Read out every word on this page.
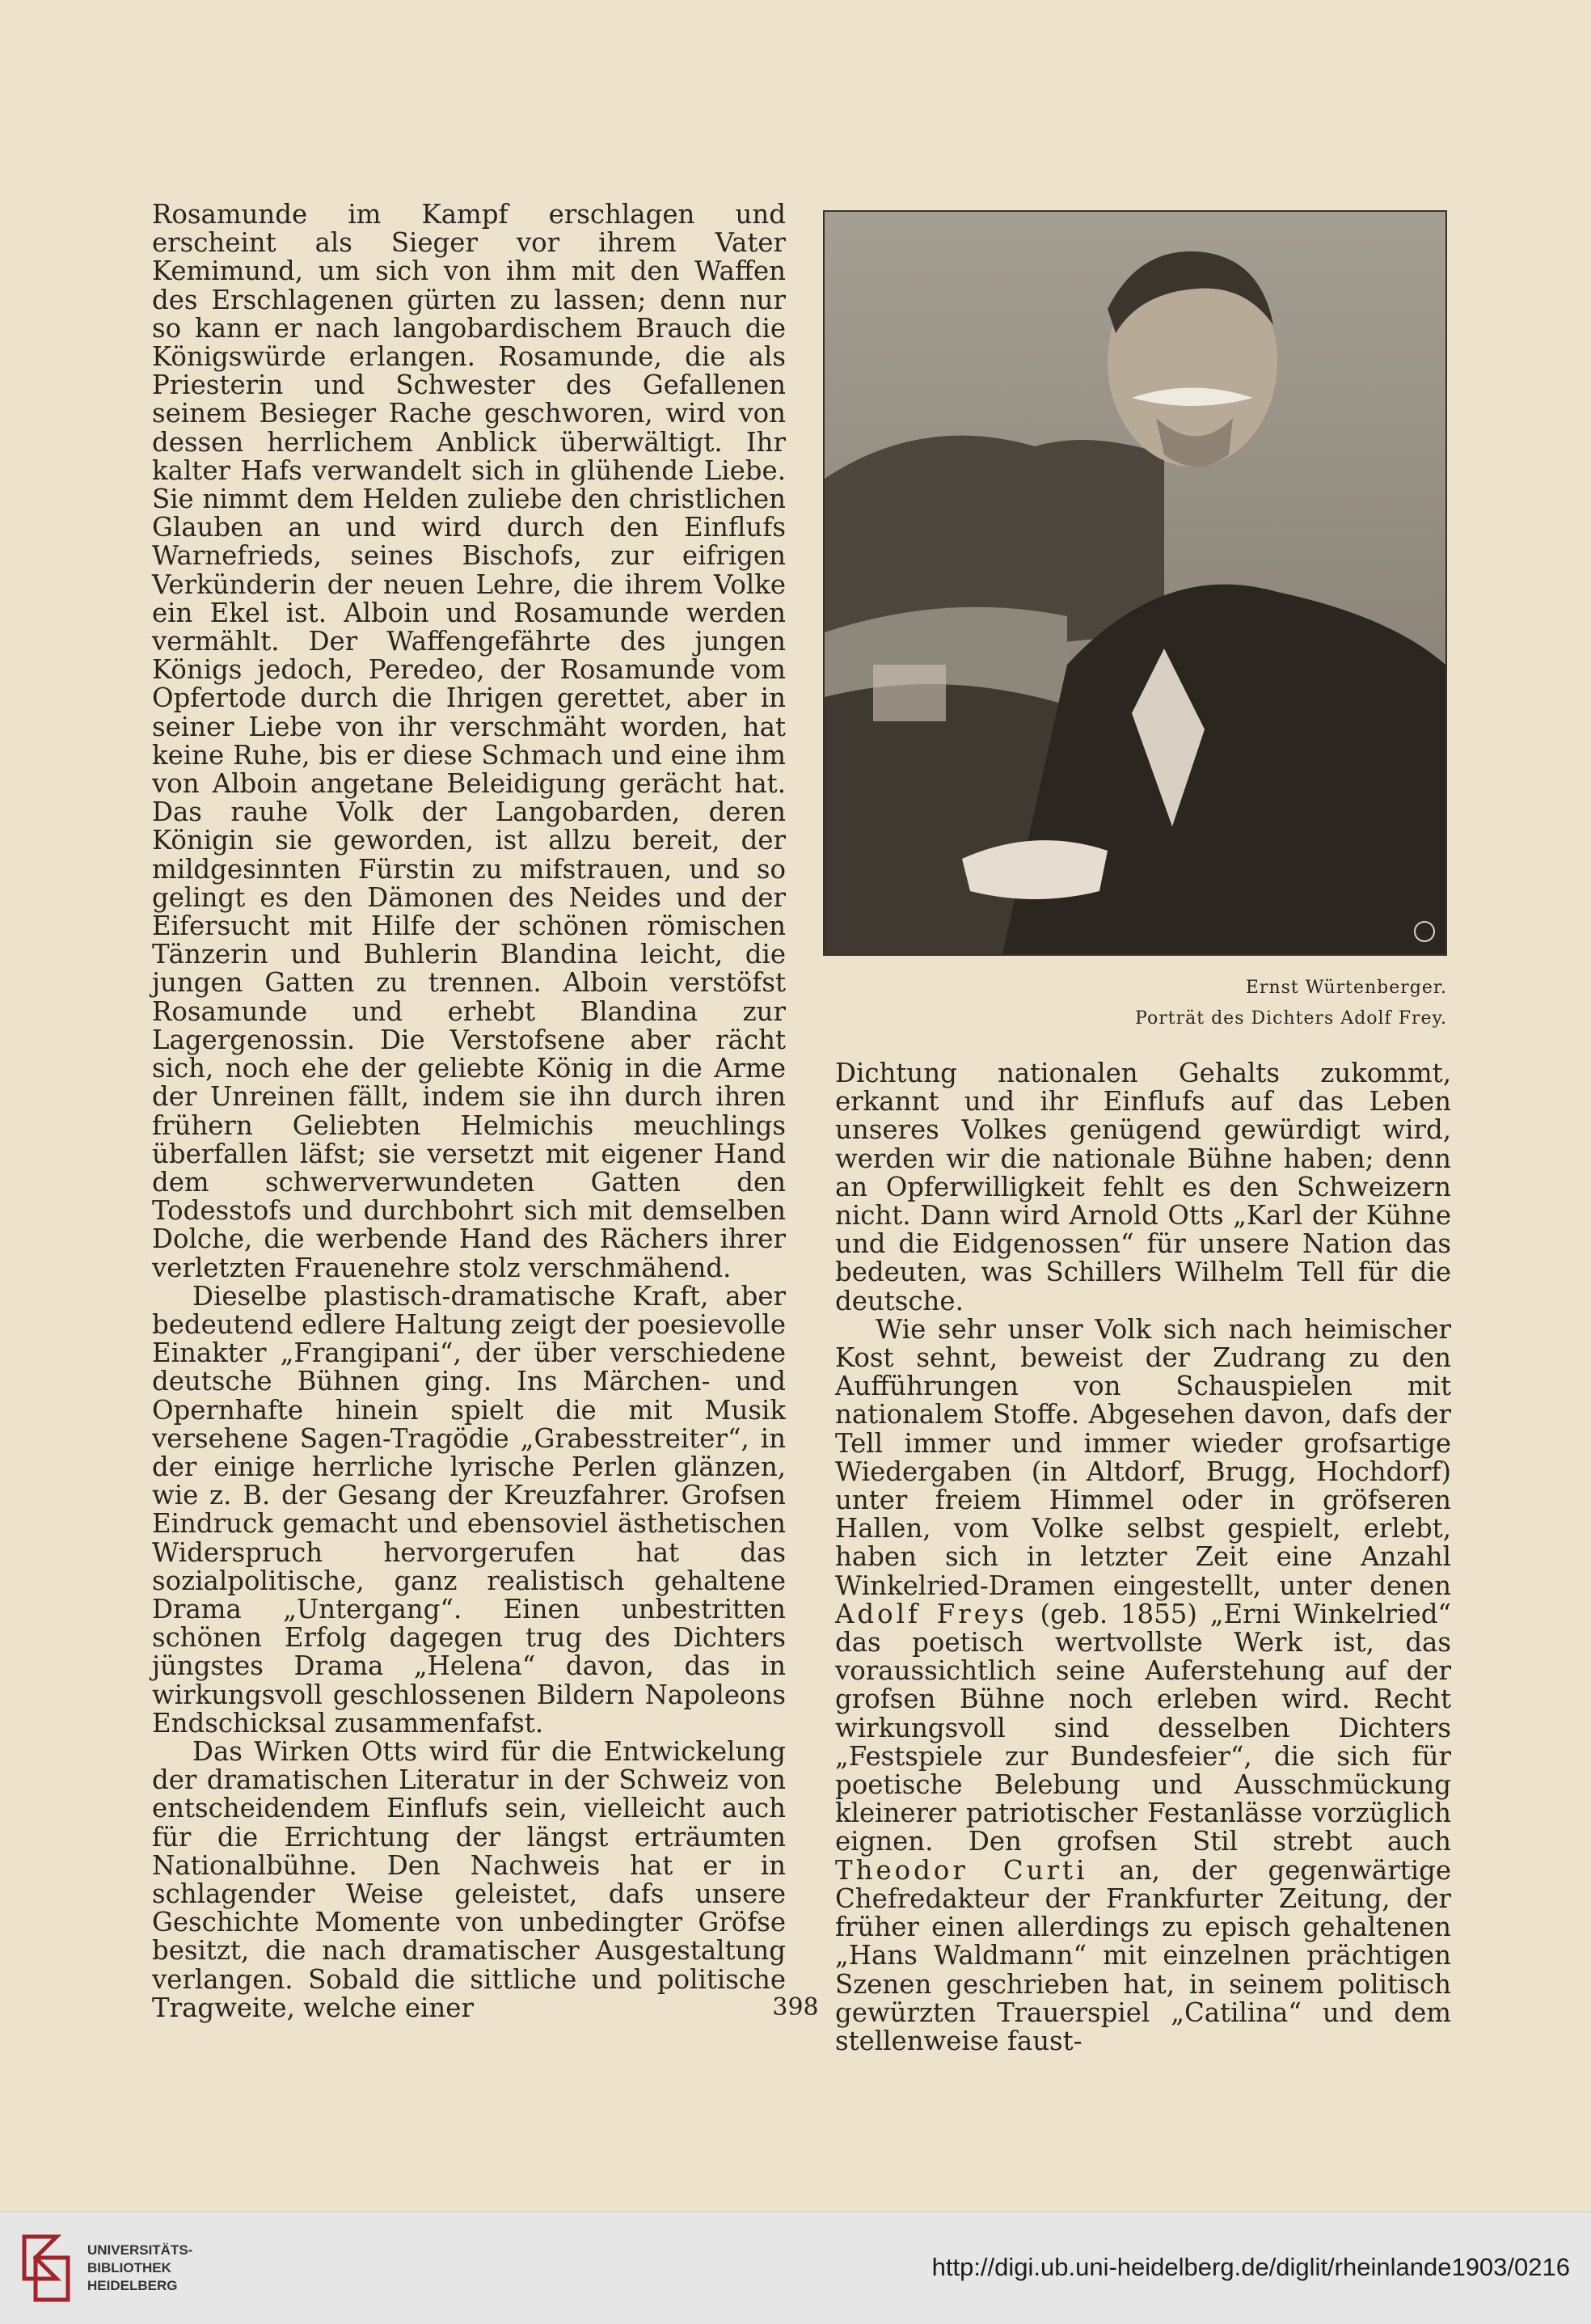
Rosamunde im Kampf erschlagen und erscheint als Sieger vor ihrem Vater Kemimund, um sich von ihm mit den Waffen des Erschlagenen gürten zu lassen; denn nur so kann er nach langobardischem Brauch die Königswürde erlangen. Rosamunde, die als Priesterin und Schwester des Gefallenen seinem Besieger Rache geschworen, wird von dessen herrlichem Anblick überwältigt. Ihr kalter Hafs verwandelt sich in glühende Liebe. Sie nimmt dem Helden zuliebe den christlichen Glauben an und wird durch den Einflufs Warnefrieds, seines Bischofs, zur eifrigen Verkünderin der neuen Lehre, die ihrem Volke ein Ekel ist. Alboin und Rosamunde werden vermählt. Der Waffengefährte des jungen Königs jedoch, Peredeo, der Rosamunde vom Opfertode durch die Ihrigen gerettet, aber in seiner Liebe von ihr verschmäht worden, hat keine Ruhe, bis er diese Schmach und eine ihm von Alboin angetane Beleidigung gerächt hat. Das rauhe Volk der Langobarden, deren Königin sie geworden, ist allzu bereit, der mildgesinnten Fürstin zu mifstrauen, und so gelingt es den Dämonen des Neides und der Eifersucht mit Hilfe der schönen römischen Tänzerin und Buhlerin Blandina leicht, die jungen Gatten zu trennen. Alboin verstöfst Rosamunde und erhebt Blandina zur Lagergenossin. Die Verstofsene aber rächt sich, noch ehe der geliebte König in die Arme der Unreinen fällt, indem sie ihn durch ihren frühern Geliebten Helmichis meuchlings überfallen läfst; sie versetzt mit eigener Hand dem schwerverwundeten Gatten den Todesstofs und durchbohrt sich mit demselben Dolche, die werbende Hand des Rächers ihrer verletzten Frauenehre stolz verschmähend.

Dieselbe plastisch-dramatische Kraft, aber bedeutend edlere Haltung zeigt der poesievolle Einakter „Frangipani“, der über verschiedene deutsche Bühnen ging. Ins Märchen- und Opernhafte hinein spielt die mit Musik versehene Sagen-Tragödie „Grabesstreiter“, in der einige herrliche lyrische Perlen glänzen, wie z. B. der Gesang der Kreuzfahrer. Grofsen Eindruck gemacht und ebensoviel ästhetischen Widerspruch hervorgerufen hat das sozialpolitische, ganz realistisch gehaltene Drama „Untergang“. Einen unbestritten schönen Erfolg dagegen trug des Dichters jüngstes Drama „Helena“ davon, das in wirkungsvoll geschlossenen Bildern Napoleons Endschicksal zusammenfafst.

Das Wirken Otts wird für die Entwickelung der dramatischen Literatur in der Schweiz von entscheidendem Einflufs sein, vielleicht auch für die Errichtung der längst erträumten Nationalbühne. Den Nachweis hat er in schlagender Weise geleistet, dafs unsere Geschichte Momente von unbedingter Gröfse besitzt, die nach dramatischer Ausgestaltung verlangen. Sobald die sittliche und politische Tragweite, welche einer

Ernst Würtenberger.
Porträt des Dichters Adolf Frey.

Dichtung nationalen Gehalts zukommt, erkannt und ihr Einflufs auf das Leben unseres Volkes genügend gewürdigt wird, werden wir die nationale Bühne haben; denn an Opferwilligkeit fehlt es den Schweizern nicht. Dann wird Arnold Otts „Karl der Kühne und die Eidgenossen“ für unsere Nation das bedeuten, was Schillers Wilhelm Tell für die deutsche.

Wie sehr unser Volk sich nach heimischer Kost sehnt, beweist der Zudrang zu den Aufführungen von Schauspielen mit nationalem Stoffe. Abgesehen davon, dafs der Tell immer und immer wieder grofsartige Wiedergaben (in Altdorf, Brugg, Hochdorf) unter freiem Himmel oder in gröfseren Hallen, vom Volke selbst gespielt, erlebt, haben sich in letzter Zeit eine Anzahl Winkelried-Dramen eingestellt, unter denen Adolf Freys (geb. 1855) „Erni Winkelried“ das poetisch wertvollste Werk ist, das voraussichtlich seine Auferstehung auf der grofsen Bühne noch erleben wird. Recht wirkungsvoll sind desselben Dichters „Festspiele zur Bundesfeier“, die sich für poetische Belebung und Ausschmückung kleinerer patriotischer Festanlässe vorzüglich eignen. Den grofsen Stil strebt auch Theodor Curti an, der gegenwärtige Chefredakteur der Frankfurter Zeitung, der früher einen allerdings zu episch gehaltenen „Hans Waldmann“ mit einzelnen prächtigen Szenen geschrieben hat, in seinem politisch gewürzten Trauerspiel „Catilina“ und dem stellenweise faust-

398
UNIVERSITÄTS-
BIBLIOTHEK
HEIDELBERG
http://digi.ub.uni-heidelberg.de/diglit/rheinlande1903/0216
